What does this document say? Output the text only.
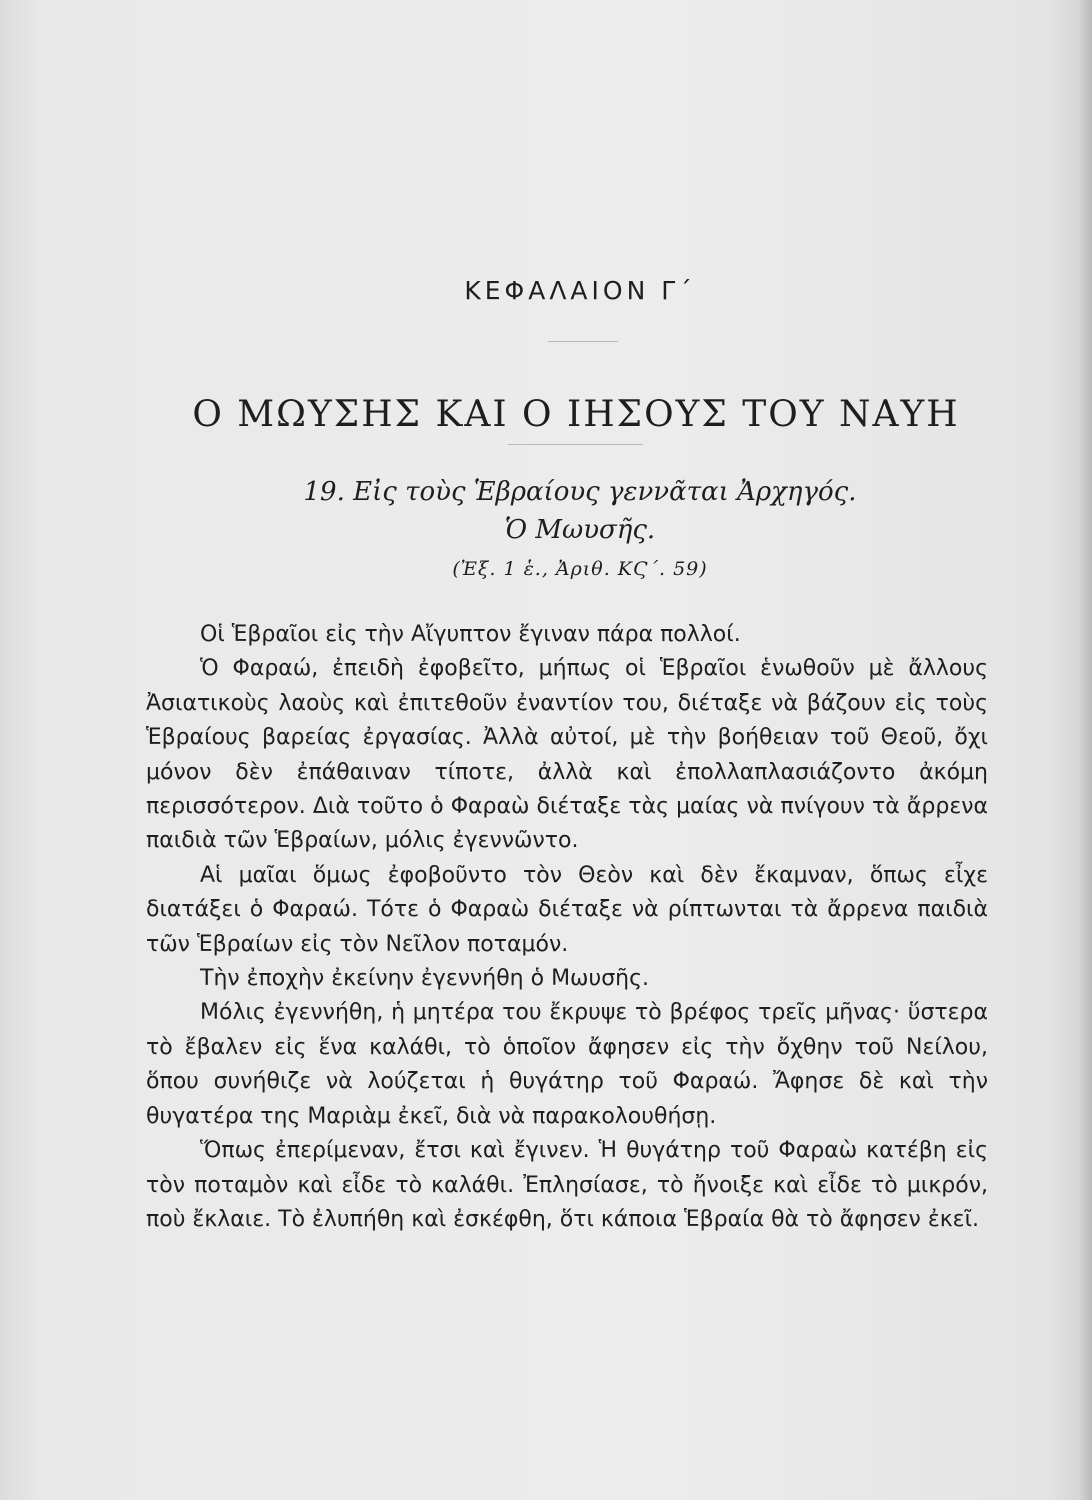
ΚΕΦΑΛΑΙΟΝ Γ΄
Ο ΜΩΥΣΗΣ ΚΑΙ Ο ΙΗΣΟΥΣ ΤΟΥ ΝΑΥΗ
19. Εἰς τοὺς Ἑβραίους γεννᾶται Ἀρχηγός.
Ὁ Μωυσῆς.
(Ἐξ. 1 ἑ., Ἀριθ. ΚϚ΄. 59)

Οἱ Ἑβραῖοι εἰς τὴν Αἴγυπτον ἔγιναν πάρα πολλοί.

Ὁ Φαραώ, ἐπειδὴ ἐφοβεῖτο, μήπως οἱ Ἑβραῖοι ἑνωθοῦν μὲ ἄλλους Ἀσιατικοὺς λαοὺς καὶ ἐπιτεθοῦν ἐναντίον του, διέταξε νὰ βάζουν εἰς τοὺς Ἑβραίους βαρείας ἐργασίας. Ἀλλὰ αὐτοί, μὲ τὴν βοήθειαν τοῦ Θεοῦ, ὄχι μόνον δὲν ἐπάθαιναν τίποτε, ἀλλὰ καὶ ἐπολλαπλασιάζοντο ἀκόμη περισσότερον. Διὰ τοῦτο ὁ Φαραὼ διέταξε τὰς μαίας νὰ πνίγουν τὰ ἄρρενα παιδιὰ τῶν Ἑβραίων, μόλις ἐγεννῶντο.

Αἱ μαῖαι ὅμως ἐφοβοῦντο τὸν Θεὸν καὶ δὲν ἔκαμναν, ὅπως εἶχε διατάξει ὁ Φαραώ. Τότε ὁ Φαραὼ διέταξε νὰ ρίπτωνται τὰ ἄρρενα παιδιὰ τῶν Ἑβραίων εἰς τὸν Νεῖλον ποταμόν.

Τὴν ἐποχὴν ἐκείνην ἐγεννήθη ὁ Μωυσῆς.

Μόλις ἐγεννήθη, ἡ μητέρα του ἔκρυψε τὸ βρέφος τρεῖς μῆνας· ὕστερα τὸ ἔβαλεν εἰς ἕνα καλάθι, τὸ ὁποῖον ἄφησεν εἰς τὴν ὄχθην τοῦ Νείλου, ὅπου συνήθιζε νὰ λούζεται ἡ θυγάτηρ τοῦ Φαραώ. Ἄφησε δὲ καὶ τὴν θυγατέρα της Μαριὰμ ἐκεῖ, διὰ νὰ παρακολουθήσῃ.

Ὅπως ἐπερίμεναν, ἔτσι καὶ ἔγινεν. Ἡ θυγάτηρ τοῦ Φαραὼ κατέβη εἰς τὸν ποταμὸν καὶ εἶδε τὸ καλάθι. Ἐπλησίασε, τὸ ἤνοιξε καὶ εἶδε τὸ μικρόν, ποὺ ἔκλαιε. Τὸ ἐλυπήθη καὶ ἐσκέφθη, ὅτι κάποια Ἑβραία θὰ τὸ ἄφησεν ἐκεῖ.
